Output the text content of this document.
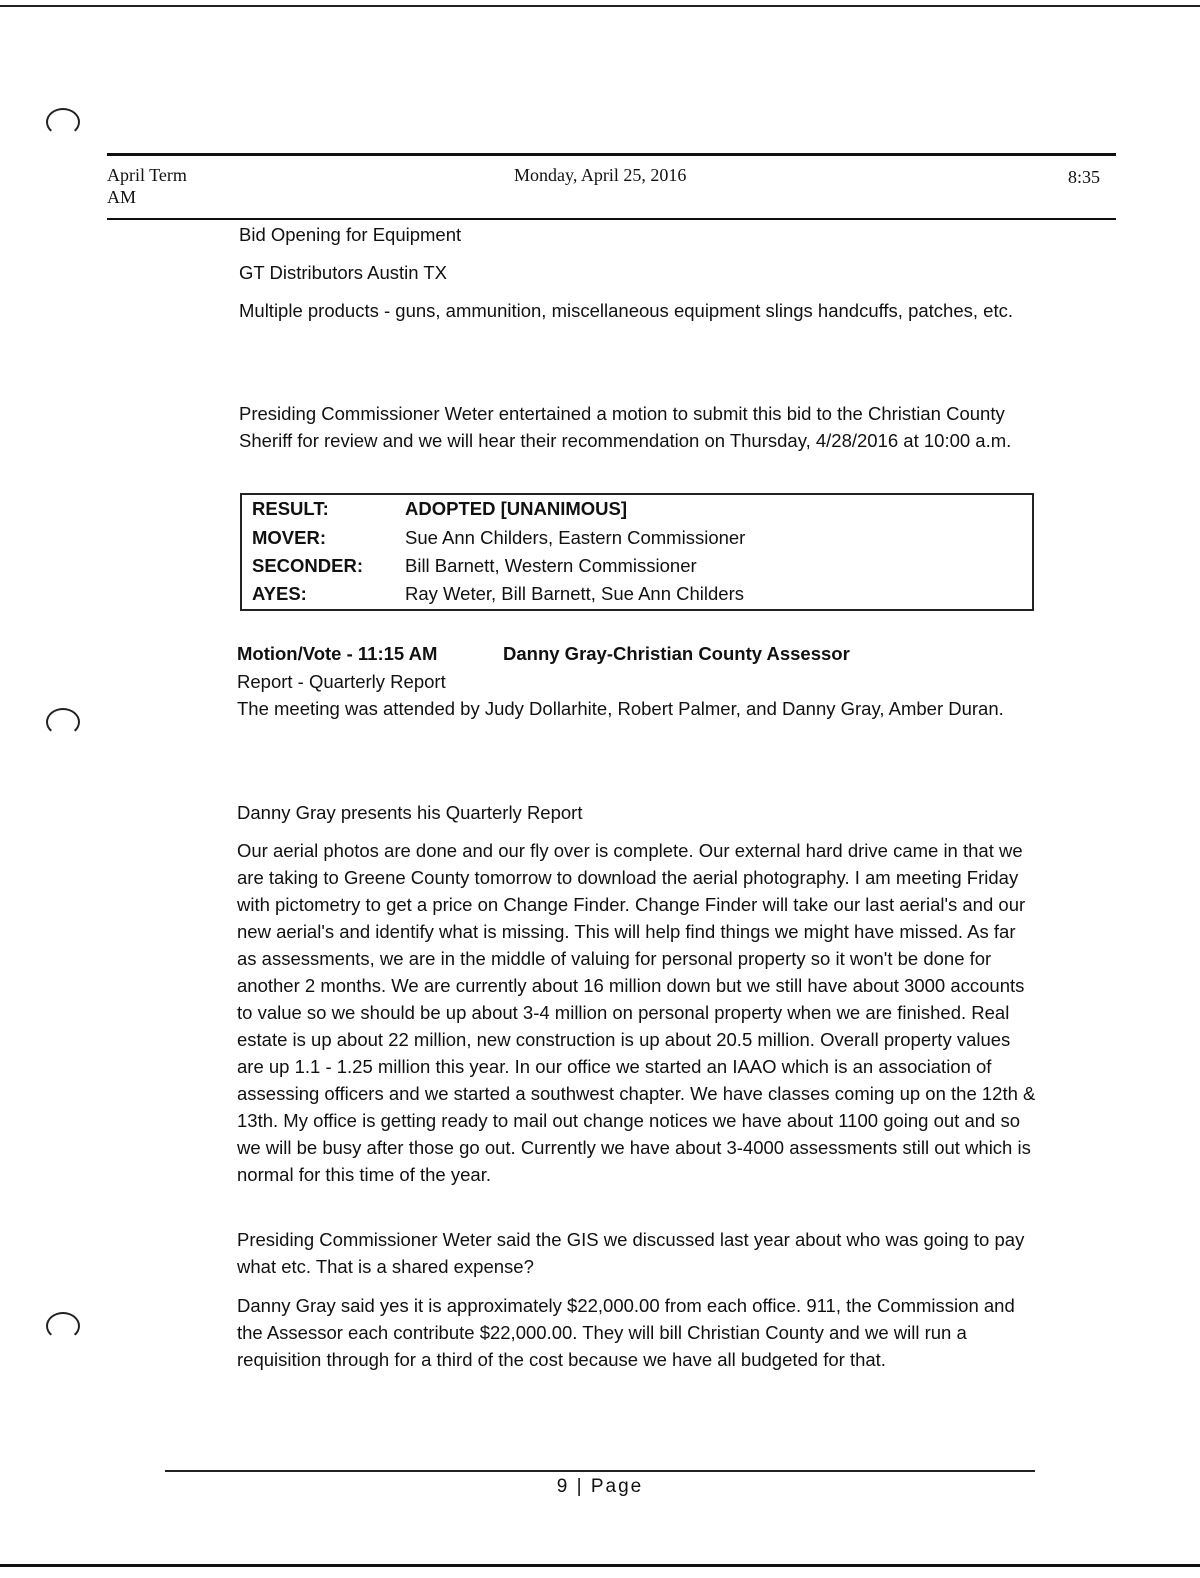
April Term
AM
Monday, April 25, 2016	8:35

Bid Opening for Equipment

GT Distributors Austin TX

Multiple products - guns, ammunition, miscellaneous equipment slings handcuffs, patches, etc.

Presiding Commissioner Weter entertained a motion to submit this bid to the Christian County Sheriff for review and we will hear their recommendation on Thursday, 4/28/2016 at 10:00 a.m.

RESULT:	ADOPTED [UNANIMOUS]
MOVER:	Sue Ann Childers, Eastern Commissioner
SECONDER: Bill Barnett, Western Commissioner
AYES:	Ray Weter, Bill Barnett, Sue Ann Childers
Motion/Vote - 11:15 AM	Danny Gray-Christian County Assessor

Report - Quarterly Report

The meeting was attended by Judy Dollarhite, Robert Palmer, and Danny Gray, Amber Duran.

Danny Gray presents his Quarterly Report

Our aerial photos are done and our fly over is complete. Our external hard drive came in that we are taking to Greene County tomorrow to download the aerial photography. I am meeting Friday with pictometry to get a price on Change Finder. Change Finder will take our last aerial's and our new aerial's and identify what is missing. This will help find things we might have missed. As far as assessments, we are in the middle of valuing for personal property so it won't be done for another 2 months. We are currently about 16 million down but we still have about 3000 accounts to value so we should be up about 3-4 million on personal property when we are finished. Real estate is up about 22 million, new construction is up about 20.5 million. Overall property values are up 1.1 - 1.25 million this year. In our office we started an IAAO which is an association of assessing officers and we started a southwest chapter. We have classes coming up on the 12th & 13th. My office is getting ready to mail out change notices we have about 1100 going out and so we will be busy after those go out. Currently we have about 3-4000 assessments still out which is normal for this time of the year.

Presiding Commissioner Weter said the GIS we discussed last year about who was going to pay what etc. That is a shared expense?

Danny Gray said yes it is approximately $22,000.00 from each office. 911, the Commission and the Assessor each contribute $22,000.00. They will bill Christian County and we will run a requisition through for a third of the cost because we have all budgeted for that.

9 | Page
